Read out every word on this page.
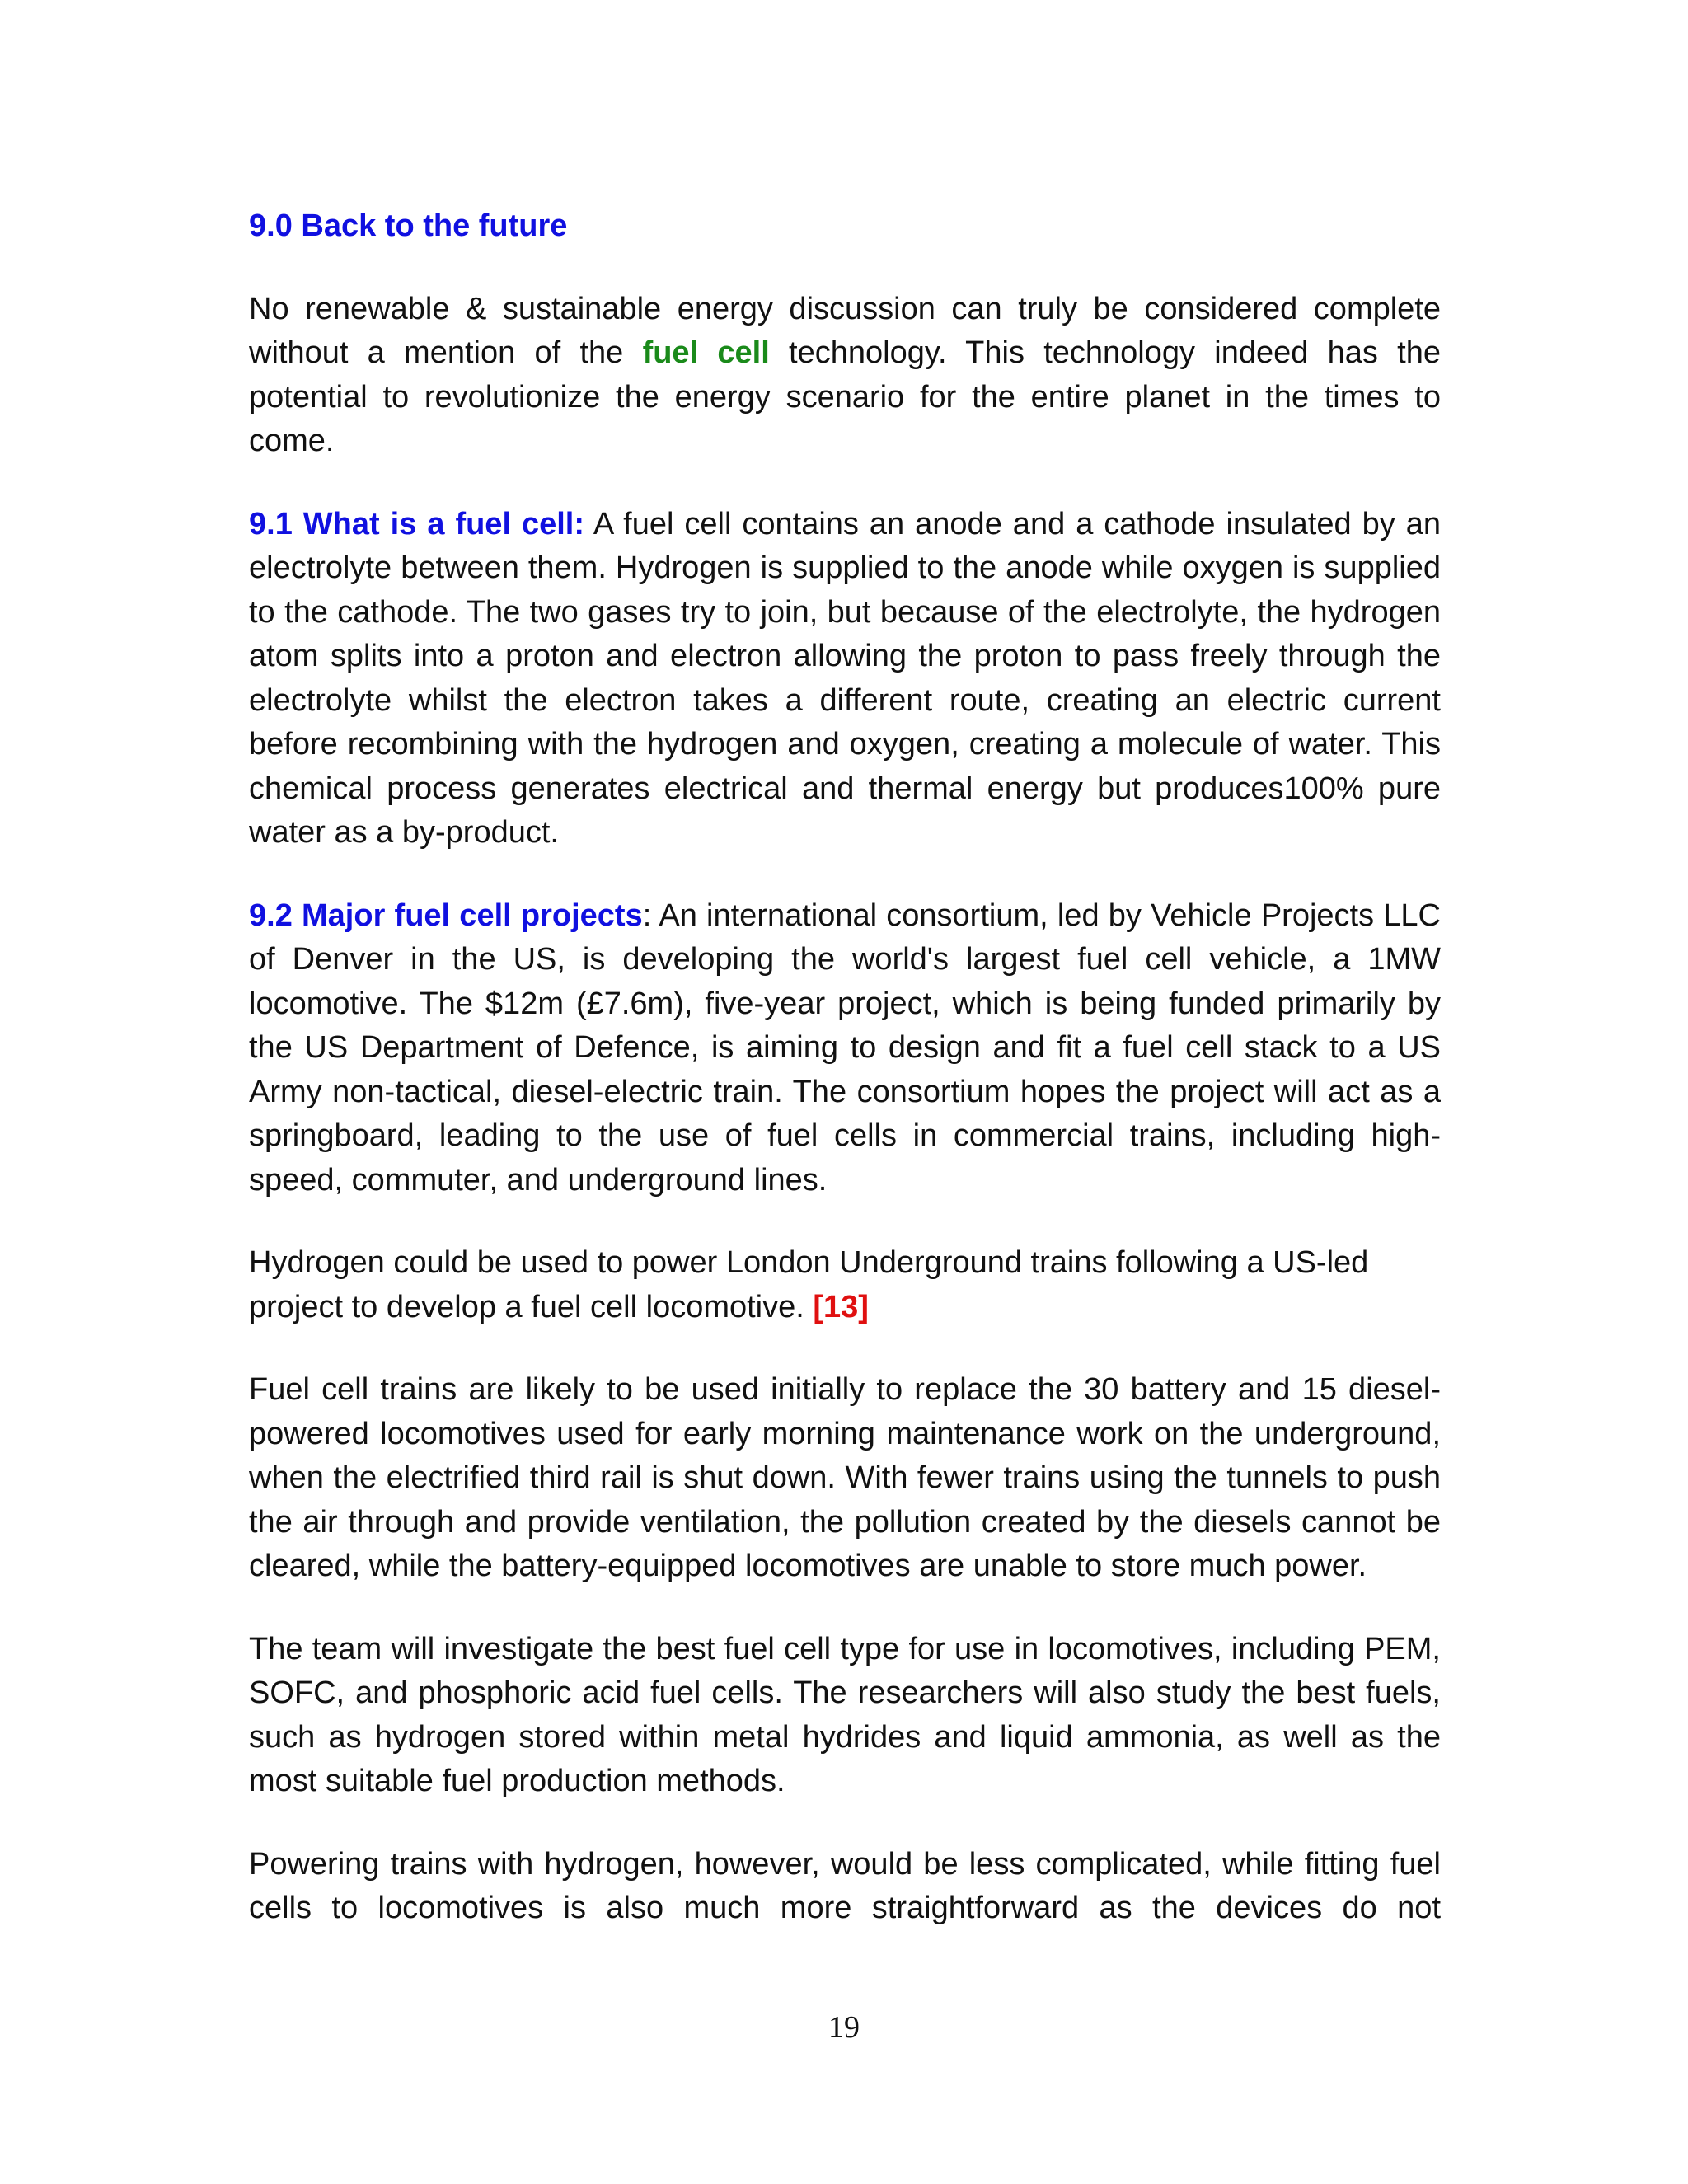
9.0 Back to the future
No renewable & sustainable energy discussion can truly be considered complete without a mention of the fuel cell technology. This technology indeed has the potential to revolutionize the energy scenario for the entire planet in the times to come.
9.1 What is a fuel cell: A fuel cell contains an anode and a cathode insulated by an electrolyte between them. Hydrogen is supplied to the anode while oxygen is supplied to the cathode. The two gases try to join, but because of the electrolyte, the hydrogen atom splits into a proton and electron allowing the proton to pass freely through the electrolyte whilst the electron takes a different route, creating an electric current before recombining with the hydrogen and oxygen, creating a molecule of water. This chemical process generates electrical and thermal energy but produces100% pure water as a by-product.
9.2 Major fuel cell projects: An international consortium, led by Vehicle Projects LLC of Denver in the US, is developing the world's largest fuel cell vehicle, a 1MW locomotive. The $12m (£7.6m), five-year project, which is being funded primarily by the US Department of Defence, is aiming to design and fit a fuel cell stack to a US Army non-tactical, diesel-electric train. The consortium hopes the project will act as a springboard, leading to the use of fuel cells in commercial trains, including high-speed, commuter, and underground lines.
Hydrogen could be used to power London Underground trains following a US-led project to develop a fuel cell locomotive. [13]
Fuel cell trains are likely to be used initially to replace the 30 battery and 15 diesel-powered locomotives used for early morning maintenance work on the underground, when the electrified third rail is shut down. With fewer trains using the tunnels to push the air through and provide ventilation, the pollution created by the diesels cannot be cleared, while the battery-equipped locomotives are unable to store much power.
The team will investigate the best fuel cell type for use in locomotives, including PEM, SOFC, and phosphoric acid fuel cells. The researchers will also study the best fuels, such as hydrogen stored within metal hydrides and liquid ammonia, as well as the most suitable fuel production methods.
Powering trains with hydrogen, however, would be less complicated, while fitting fuel cells to locomotives is also much more straightforward as the devices do not
19
